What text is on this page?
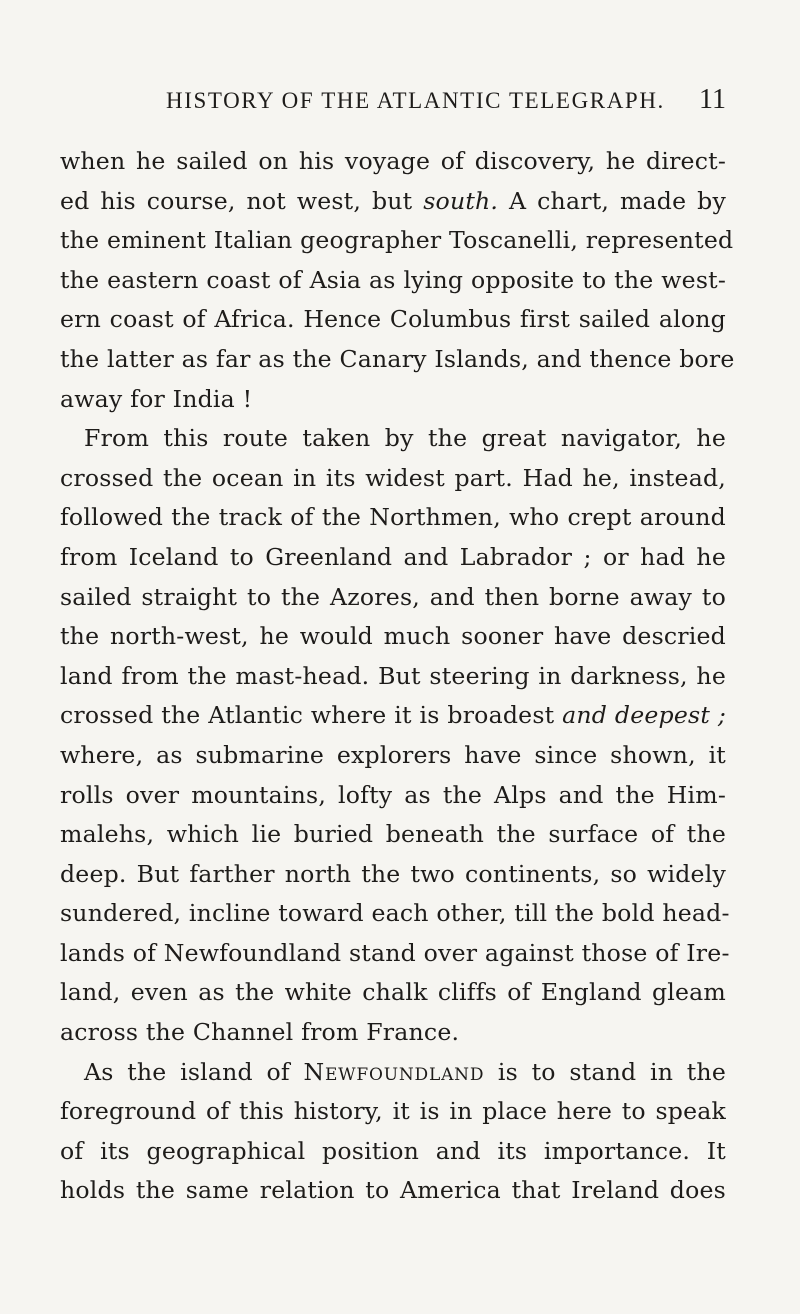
HISTORY OF THE ATLANTIC TELEGRAPH. 11
when he sailed on his voyage of discovery, he direct-
ed his course, not west, but south. A chart, made by
the eminent Italian geographer Toscanelli, represented
the eastern coast of Asia as lying opposite to the west-
ern coast of Africa. Hence Columbus first sailed along
the latter as far as the Canary Islands, and thence bore
away for India !
From this route taken by the great navigator, he
crossed the ocean in its widest part. Had he, instead,
followed the track of the Northmen, who crept around
from Iceland to Greenland and Labrador ; or had he
sailed straight to the Azores, and then borne away to
the north-west, he would much sooner have descried
land from the mast-head. But steering in darkness, he
crossed the Atlantic where it is broadest and deepest ;
where, as submarine explorers have since shown, it
rolls over mountains, lofty as the Alps and the Him-
malehs, which lie buried beneath the surface of the
deep. But farther north the two continents, so widely
sundered, incline toward each other, till the bold head-
lands of Newfoundland stand over against those of Ire-
land, even as the white chalk cliffs of England gleam
across the Channel from France.
As the island of Newfoundland is to stand in the
foreground of this history, it is in place here to speak
of its geographical position and its importance. It
holds the same relation to America that Ireland does
